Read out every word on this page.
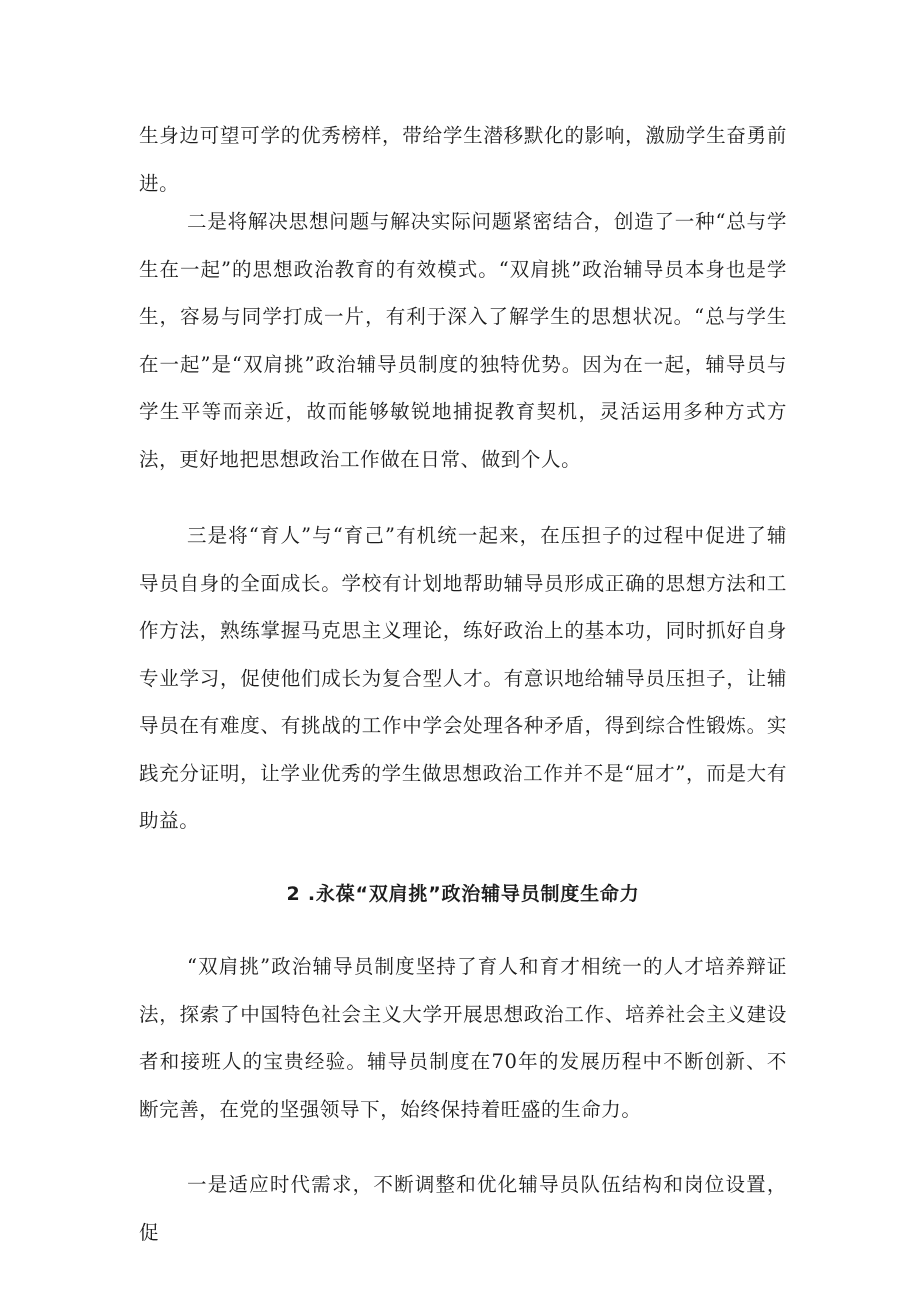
生身边可望可学的优秀榜样，带给学生潜移默化的影响，激励学生奋勇前进。

二是将解决思想问题与解决实际问题紧密结合，创造了一种“总与学生在一起”的思想政治教育的有效模式。“双肩挑”政治辅导员本身也是学生，容易与同学打成一片，有利于深入了解学生的思想状况。“总与学生在一起”是“双肩挑”政治辅导员制度的独特优势。因为在一起，辅导员与学生平等而亲近，故而能够敏锐地捕捉教育契机，灵活运用多种方式方法，更好地把思想政治工作做在日常、做到个人。

三是将“育人”与“育己”有机统一起来，在压担子的过程中促进了辅导员自身的全面成长。学校有计划地帮助辅导员形成正确的思想方法和工作方法，熟练掌握马克思主义理论，练好政治上的基本功，同时抓好自身专业学习，促使他们成长为复合型人才。有意识地给辅导员压担子，让辅导员在有难度、有挑战的工作中学会处理各种矛盾，得到综合性锻炼。实践充分证明，让学业优秀的学生做思想政治工作并不是“屈才”，而是大有助益。

2 .永葆“双肩挑”政治辅导员制度生命力

“双肩挑”政治辅导员制度坚持了育人和育才相统一的人才培养辩证法，探索了中国特色社会主义大学开展思想政治工作、培养社会主义建设者和接班人的宝贵经验。辅导员制度在70年的发展历程中不断创新、不断完善，在党的坚强领导下，始终保持着旺盛的生命力。

一是适应时代需求，不断调整和优化辅导员队伍结构和岗位设置，促
